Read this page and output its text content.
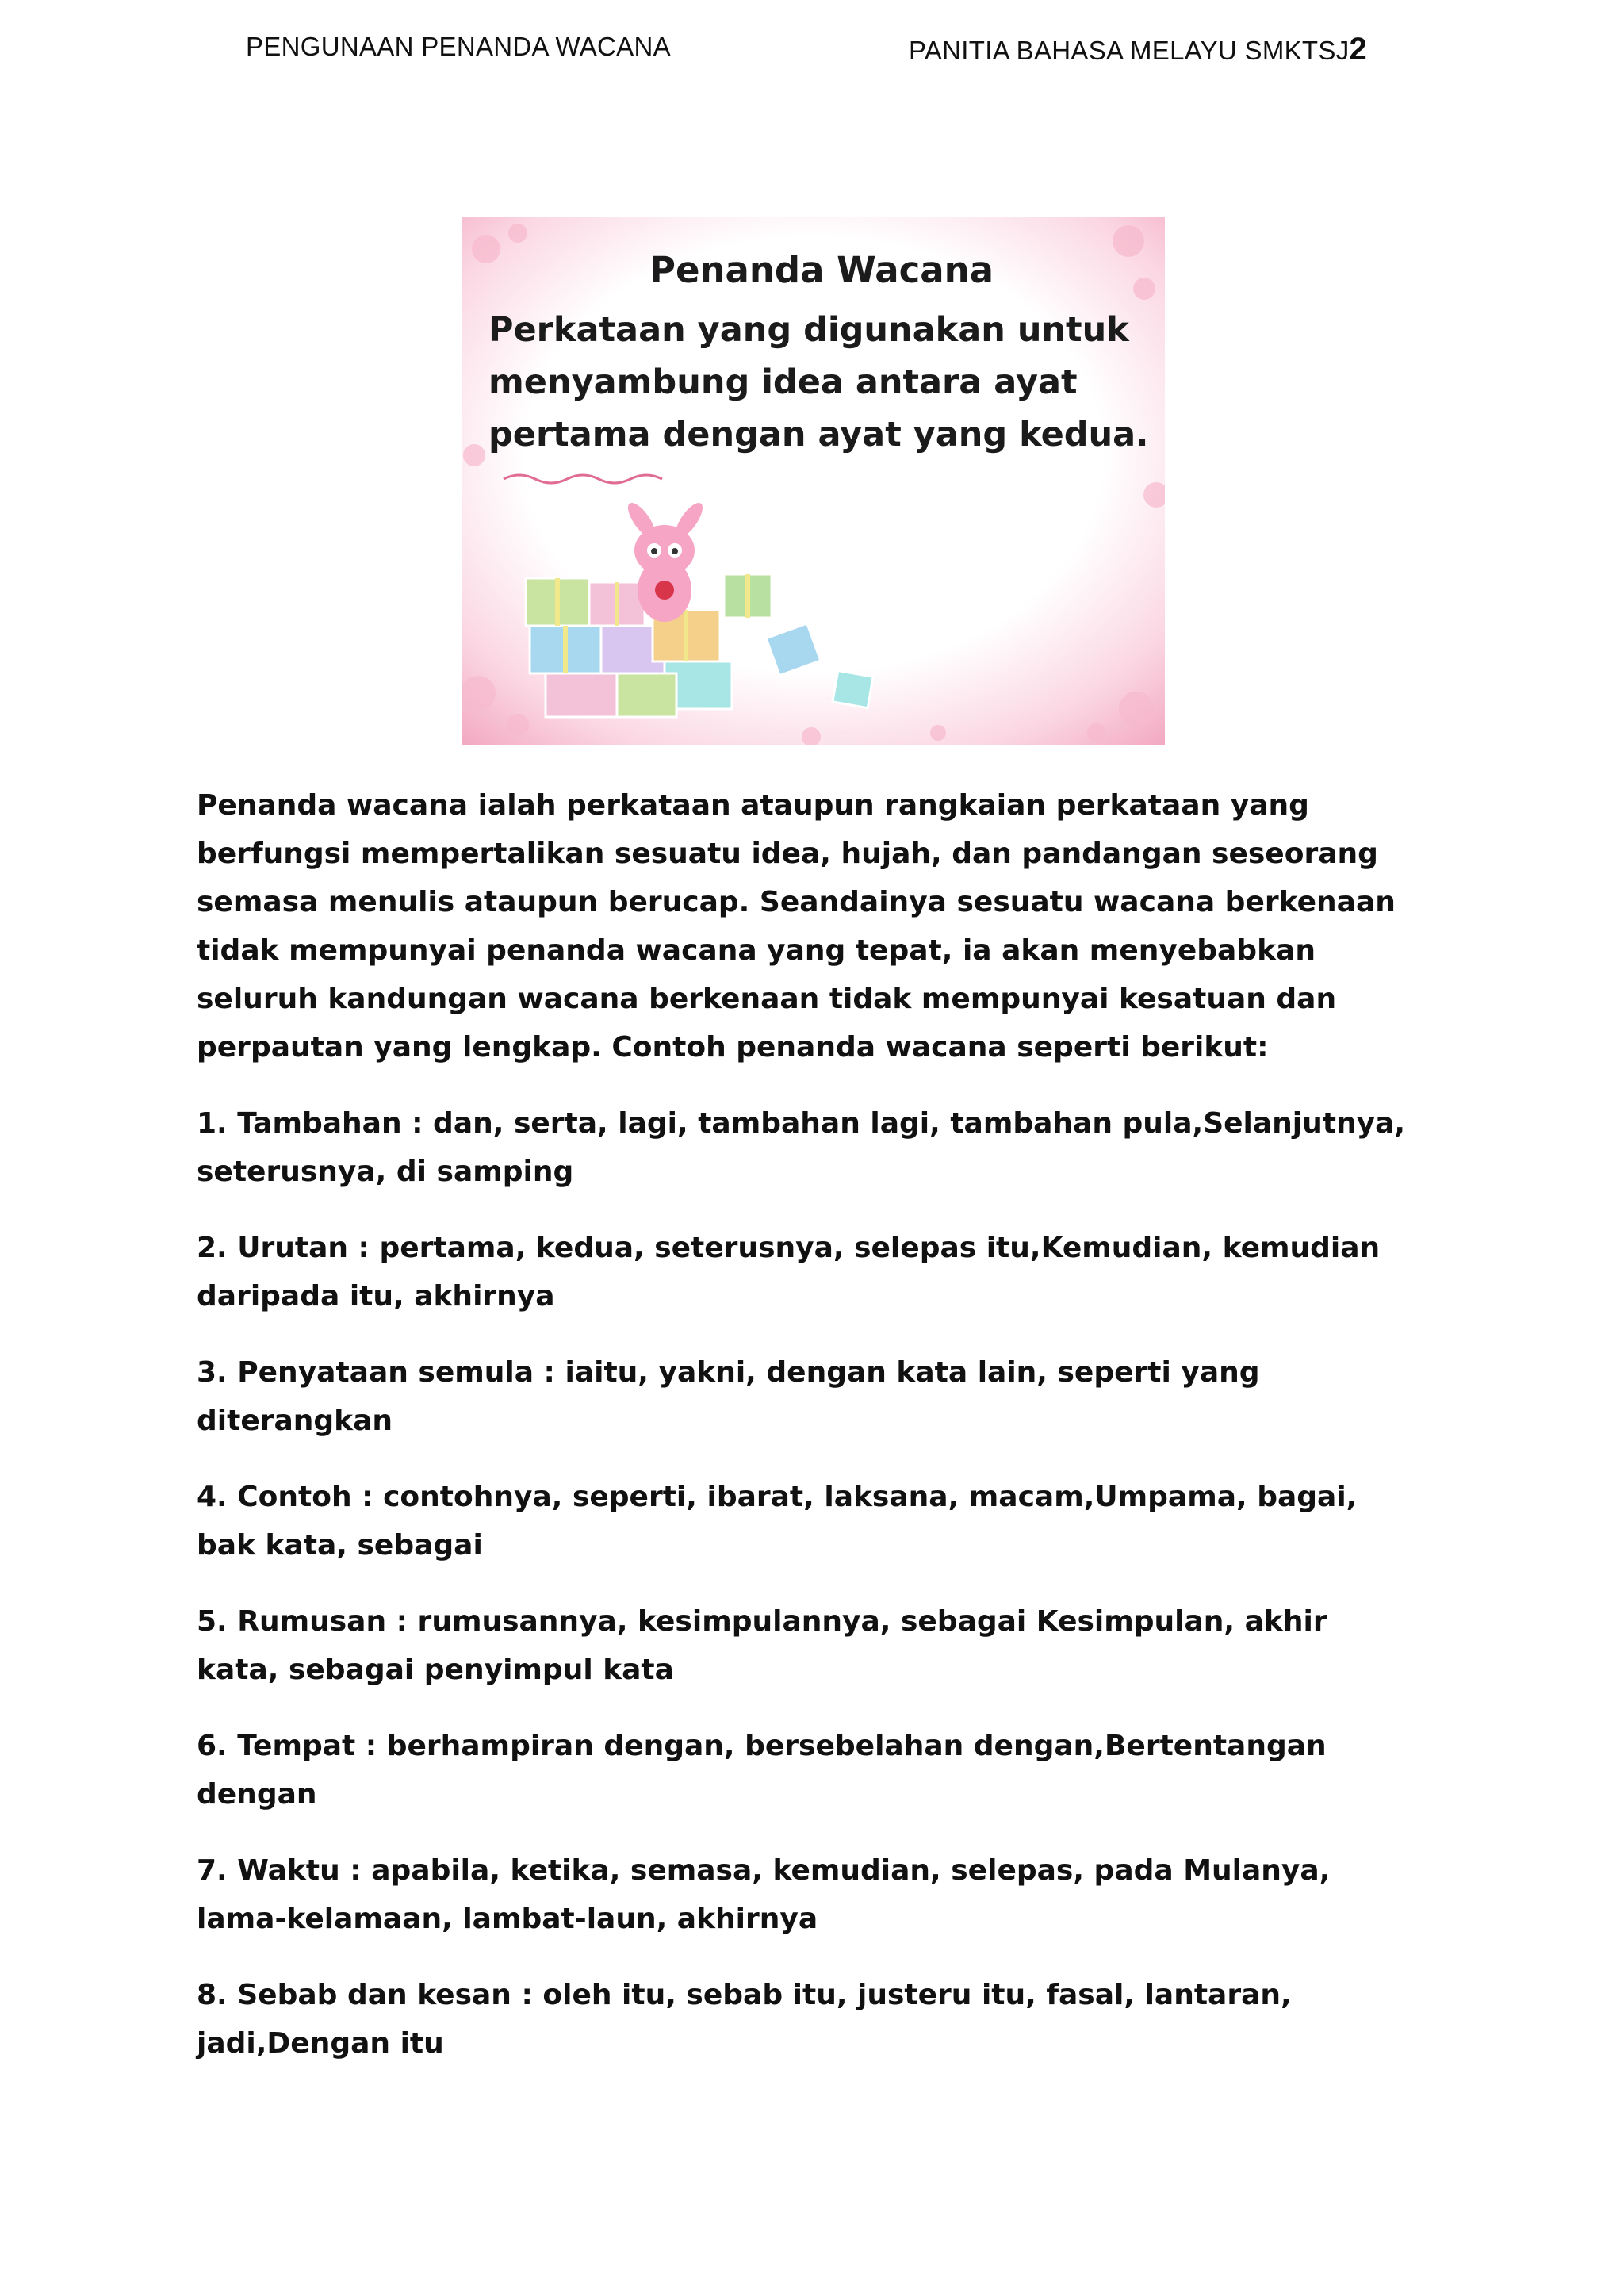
PENGUNAAN PENANDA WACANA	PANITIA BAHASA MELAYU SMKTSJ2
Penanda Wacana
Perkataan yang digunakan untuk
menyambung idea antara ayat
pertama dengan ayat yang kedua.

Penanda wacana ialah perkataan ataupun rangkaian perkataan yang
berfungsi mempertalikan sesuatu idea, hujah, dan pandangan seseorang
semasa menulis ataupun berucap. Seandainya sesuatu wacana berkenaan
tidak mempunyai penanda wacana yang tepat, ia akan menyebabkan
seluruh kandungan wacana berkenaan tidak mempunyai kesatuan dan
perpautan yang lengkap. Contoh penanda wacana seperti berikut:

1. Tambahan : dan, serta, lagi, tambahan lagi, tambahan pula,Selanjutnya,
seterusnya, di samping

2. Urutan : pertama, kedua, seterusnya, selepas itu,Kemudian, kemudian
daripada itu, akhirnya

3. Penyataan semula : iaitu, yakni, dengan kata lain, seperti yang
diterangkan

4. Contoh : contohnya, seperti, ibarat, laksana, macam,Umpama, bagai,
bak kata, sebagai

5. Rumusan : rumusannya, kesimpulannya, sebagai Kesimpulan, akhir
kata, sebagai penyimpul kata

6. Tempat : berhampiran dengan, bersebelahan dengan,Bertentangan
dengan

7. Waktu : apabila, ketika, semasa, kemudian, selepas, pada Mulanya,
lama-kelamaan, lambat-laun, akhirnya

8. Sebab dan kesan : oleh itu, sebab itu, justeru itu, fasal, lantaran,
jadi,Dengan itu
